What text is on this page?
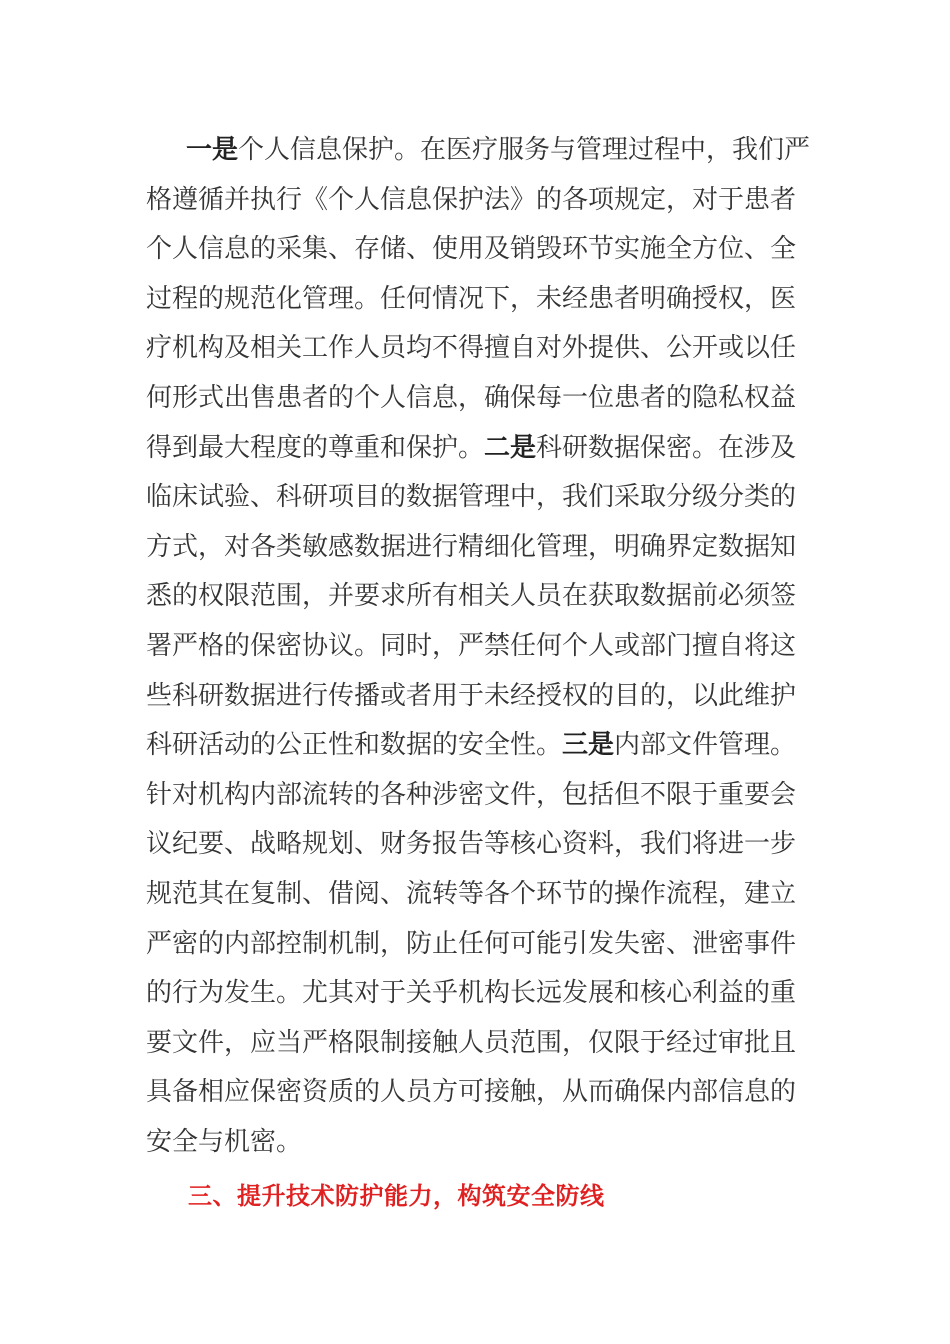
一是个人信息保护。在医疗服务与管理过程中，我们严
格遵循并执行《个人信息保护法》的各项规定，对于患者
个人信息的采集、存储、使用及销毁环节实施全方位、全
过程的规范化管理。任何情况下，未经患者明确授权，医
疗机构及相关工作人员均不得擅自对外提供、公开或以任
何形式出售患者的个人信息，确保每一位患者的隐私权益
得到最大程度的尊重和保护。二是科研数据保密。在涉及
临床试验、科研项目的数据管理中，我们采取分级分类的
方式，对各类敏感数据进行精细化管理，明确界定数据知
悉的权限范围，并要求所有相关人员在获取数据前必须签
署严格的保密协议。同时，严禁任何个人或部门擅自将这
些科研数据进行传播或者用于未经授权的目的，以此维护
科研活动的公正性和数据的安全性。三是内部文件管理。
针对机构内部流转的各种涉密文件，包括但不限于重要会
议纪要、战略规划、财务报告等核心资料，我们将进一步
规范其在复制、借阅、流转等各个环节的操作流程，建立
严密的内部控制机制，防止任何可能引发失密、泄密事件
的行为发生。尤其对于关乎机构长远发展和核心利益的重
要文件，应当严格限制接触人员范围，仅限于经过审批且
具备相应保密资质的人员方可接触，从而确保内部信息的
安全与机密。

三、提升技术防护能力，构筑安全防线
